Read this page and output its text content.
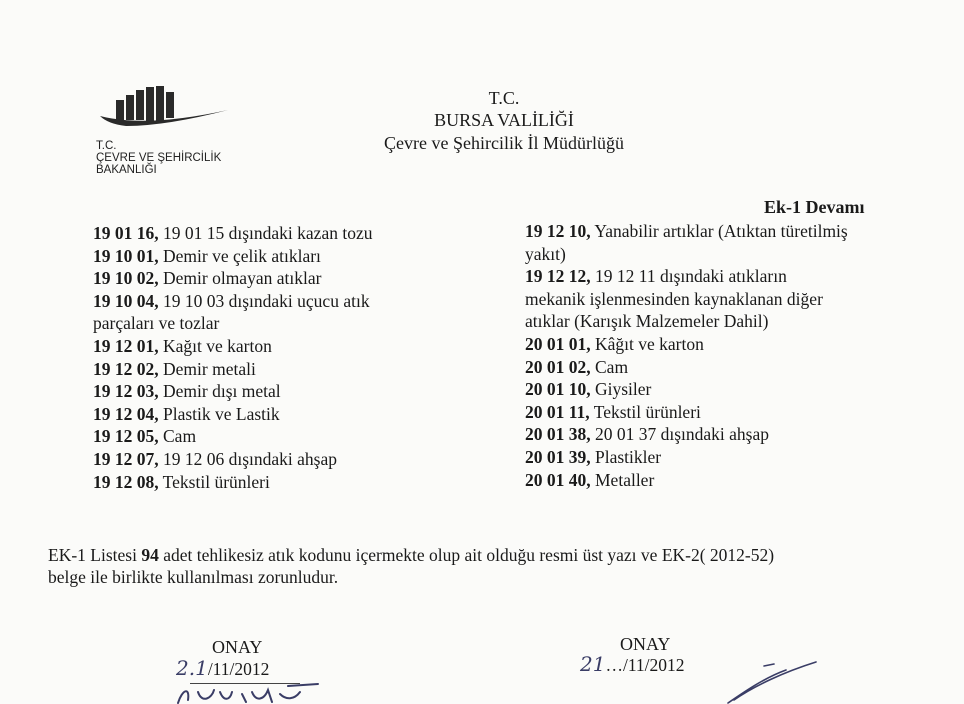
T.C.
ÇEVRE VE ŞEHİRCİLİK
BAKANLIĞI
T.C.
BURSA VALİLİĞİ
Çevre ve Şehircilik İl Müdürlüğü
Ek-1 Devamı
19 01 16, 19 01 15 dışındaki kazan tozu
19 10 01, Demir ve çelik atıkları
19 10 02, Demir olmayan atıklar
19 10 04, 19 10 03 dışındaki uçucu atık
parçaları ve tozlar
19 12 01, Kağıt ve karton
19 12 02, Demir metali
19 12 03, Demir dışı metal
19 12 04, Plastik ve Lastik
19 12 05, Cam
19 12 07, 19 12 06 dışındaki ahşap
19 12 08, Tekstil ürünleri
19 12 10, Yanabilir artıklar (Atıktan türetilmiş
yakıt)
19 12 12, 19 12 11 dışındaki atıkların
mekanik işlenmesinden kaynaklanan diğer
atıklar (Karışık Malzemeler Dahil)
20 01 01, Kâğıt ve karton
20 01 02, Cam
20 01 10, Giysiler
20 01 11, Tekstil ürünleri
20 01 38, 20 01 37 dışındaki ahşap
20 01 39, Plastikler
20 01 40, Metaller
EK-1 Listesi 94 adet tehlikesiz atık kodunu içermekte olup ait olduğu resmi üst yazı ve EK-2( 2012-52)
belge ile birlikte kullanılması zorunludur.
ONAY
2.1/11/2012
ONAY
21…/11/2012
